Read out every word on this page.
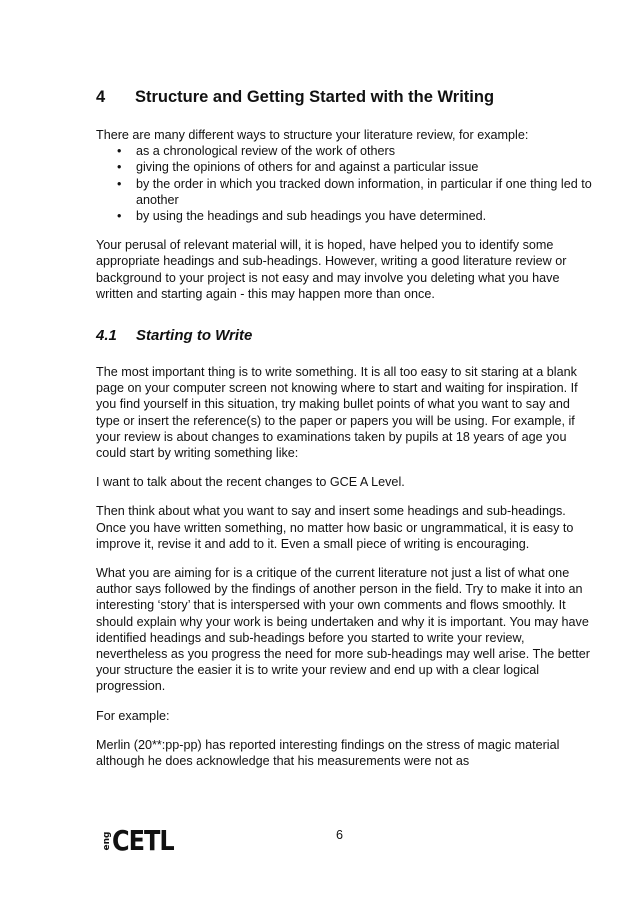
4	Structure and Getting Started with the Writing

There are many different ways to structure your literature review, for example:

• as a chronological review of the work of others
• giving the opinions of others for and against a particular issue
• by the order in which you tracked down information, in particular if one thing led to another
• by using the headings and sub headings you have determined.

Your perusal of relevant material will, it is hoped, have helped you to identify some appropriate headings and sub-headings. However, writing a good literature review or background to your project is not easy and may involve you deleting what you have written and starting again - this may happen more than once.

4.1	Starting to Write

The most important thing is to write something. It is all too easy to sit staring at a blank page on your computer screen not knowing where to start and waiting for inspiration. If you find yourself in this situation, try making bullet points of what you want to say and type or insert the reference(s) to the paper or papers you will be using. For example, if your review is about changes to examinations taken by pupils at 18 years of age you could start by writing something like:

I want to talk about the recent changes to GCE A Level.

Then think about what you want to say and insert some headings and sub-headings. Once you have written something, no matter how basic or ungrammatical, it is easy to improve it, revise it and add to it. Even a small piece of writing is encouraging.

What you are aiming for is a critique of the current literature not just a list of what one author says followed by the findings of another person in the field. Try to make it into an interesting ‘story’ that is interspersed with your own comments and flows smoothly. It should explain why your work is being undertaken and why it is important. You may have identified headings and sub-headings before you started to write your review, nevertheless as you progress the need for more sub-headings may well arise. The better your structure the easier it is to write your review and end up with a clear logical progression.

For example:

Merlin (20**:pp-pp) has reported interesting findings on the stress of magic material although he does acknowledge that his measurements were not as

eng CETL	6
